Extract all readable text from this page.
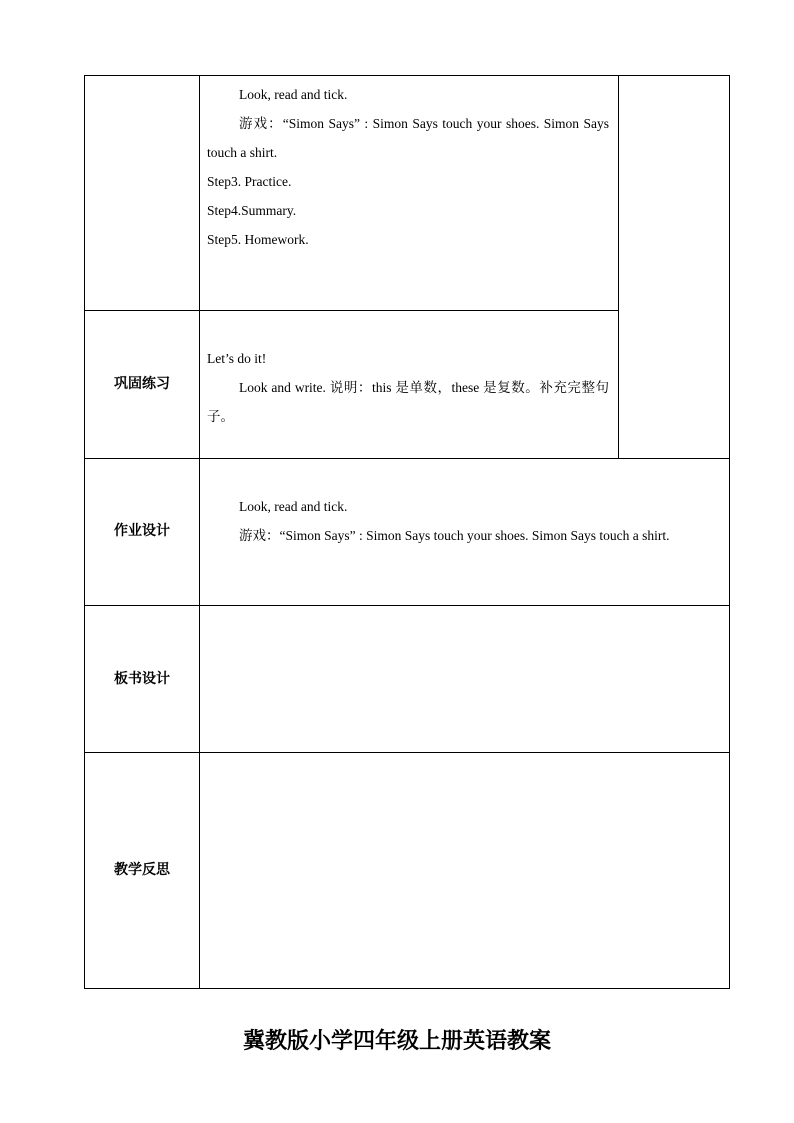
Look, read and tick.

游戏：“Simon Says” : Simon Says touch your shoes. Simon Says touch a shirt.

Step3. Practice.

Step4.Summary.

Step5. Homework.

巩固练习

Let’s do it!

Look and write. 说明：this 是单数，these 是复数。补充完整句子。

作业设计

Look, read and tick.

游戏：“Simon Says” : Simon Says touch your shoes. Simon Says touch a shirt.

板书设计
教学反思
冀教版小学四年级上册英语教案
